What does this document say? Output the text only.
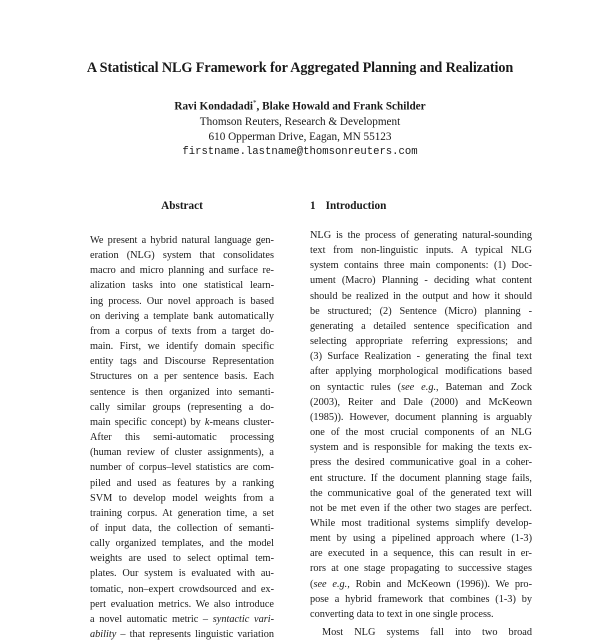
A Statistical NLG Framework for Aggregated Planning and Realization
Ravi Kondadadi*, Blake Howald and Frank Schilder
Thomson Reuters, Research & Development
610 Opperman Drive, Eagan, MN 55123
firstname.lastname@thomsonreuters.com
Abstract	1 Introduction
We present a hybrid natural language gen-
eration (NLG) system that consolidates
macro and micro planning and surface re-
alization tasks into one statistical learn-
ing process. Our novel approach is based
on deriving a template bank automatically
from a corpus of texts from a target do-
main. First, we identify domain specific
entity tags and Discourse Representation
Structures on a per sentence basis. Each
sentence is then organized into semanti-
cally similar groups (representing a do-
main specific concept) by k-means cluster-
After this semi-automatic processing
(human review of cluster assignments), a
number of corpus–level statistics are com-
piled and used as features by a ranking
SVM to develop model weights from a
training corpus. At generation time, a set
of input data, the collection of semanti-
cally organized templates, and the model
weights are used to select optimal tem-
plates. Our system is evaluated with au-
tomatic, non–expert crowdsourced and ex-
pert evaluation metrics. We also introduce
a novel automatic metric – syntactic vari-
ability – that represents linguistic variation
NLG is the process of generating natural-sounding
text from non-linguistic inputs. A typical NLG
system contains three main components: (1) Doc-
ument (Macro) Planning - deciding what content
should be realized in the output and how it should
be structured; (2) Sentence (Micro) planning -
generating a detailed sentence specification and
selecting appropriate referring expressions; and
(3) Surface Realization - generating the final text
after applying morphological modifications based
on syntactic rules (see e.g., Bateman and Zock
(2003), Reiter and Dale (2000) and McKeown
(1985)). However, document planning is arguably
one of the most crucial components of an NLG
system and is responsible for making the texts ex-
press the desired communicative goal in a coher-
ent structure. If the document planning stage fails,
the communicative goal of the generated text will
not be met even if the other two stages are perfect.
While most traditional systems simplify develop-
ment by using a pipelined approach where (1-3)
are executed in a sequence, this can result in er-
rors at one stage propagating to successive stages
(see e.g., Robin and McKeown (1996)). We pro-
pose a hybrid framework that combines (1-3) by
converting data to text in one single process.
Most NLG systems fall into two broad
